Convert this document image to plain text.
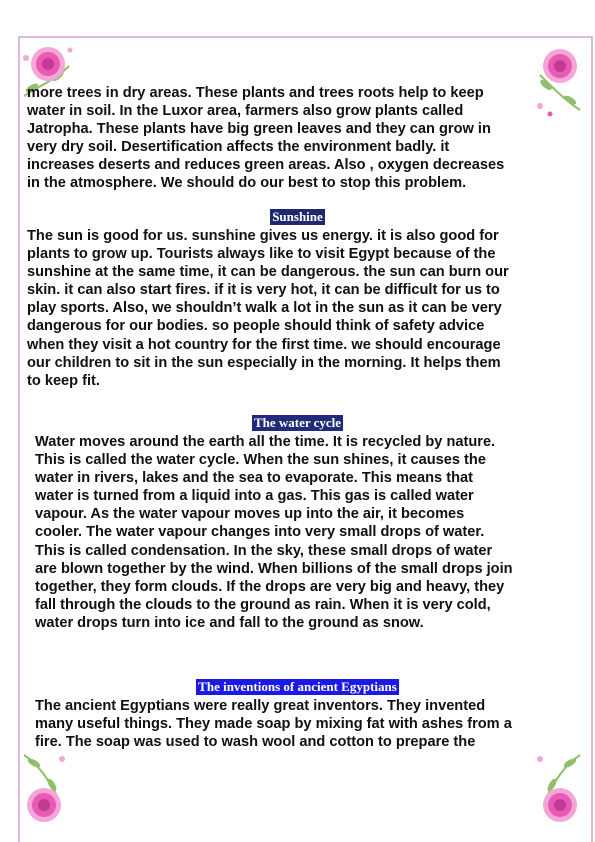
more trees in dry areas. These plants and trees roots help to keep
water in soil. In the Luxor area, farmers also grow plants called
Jatropha. These plants have big green leaves and they can grow in
very dry soil. Desertification affects the environment badly. it
increases deserts and reduces green areas. Also , oxygen decreases
in the atmosphere. We should do our best to stop this problem.

Sunshine

The sun is good for us. sunshine gives us energy. it is also good for
plants to grow up. Tourists always like to visit Egypt because of the
sunshine at the same time, it can be dangerous. the sun can burn our
skin. it can also start fires. if it is very hot, it can be difficult for us to
play sports. Also, we shouldn’t walk a lot in the sun as it can be very
dangerous for our bodies. so people should think of safety advice
when they visit a hot country for the first time. we should encourage
our children to sit in the sun especially in the morning. It helps them
to keep fit.

The water cycle

Water moves around the earth all the time. It is recycled by nature.
This is called the water cycle. When the sun shines, it causes the
water in rivers, lakes and the sea to evaporate. This means that
water is turned from a liquid into a gas. This gas is called water
vapour. As the water vapour moves up into the air, it becomes
cooler. The water vapour changes into very small drops of water.
This is called condensation. In the sky, these small drops of water
are blown together by the wind. When billions of the small drops join
together, they form clouds. If the drops are very big and heavy, they
fall through the clouds to the ground as rain. When it is very cold,
water drops turn into ice and fall to the ground as snow.

The inventions of ancient Egyptians

The ancient Egyptians were really great inventors. They invented
many useful things. They made soap by mixing fat with ashes from a
fire. The soap was used to wash wool and cotton to prepare the
